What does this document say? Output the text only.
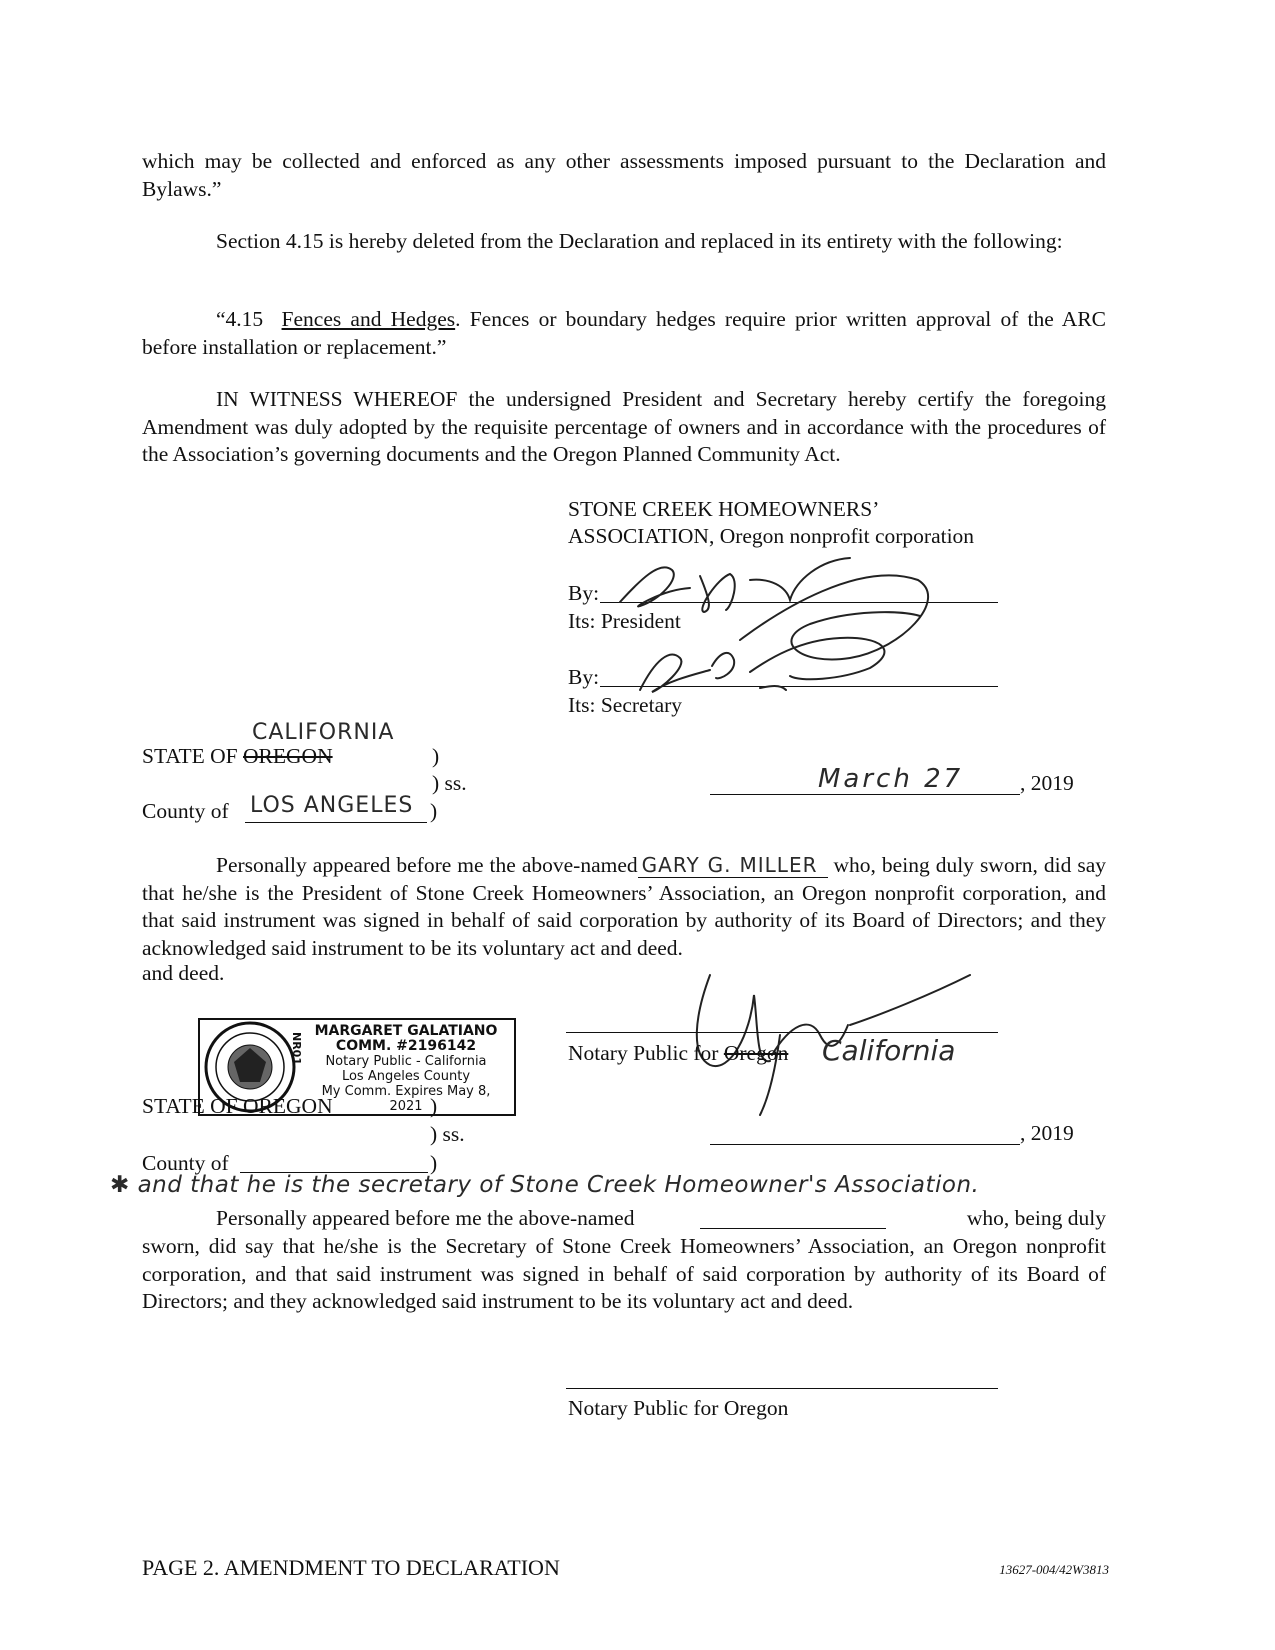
which may be collected and enforced as any other assessments imposed pursuant to the Declaration and Bylaws.”
Section 4.15 is hereby deleted from the Declaration and replaced in its entirety with the following:
“4.15 Fences and Hedges. Fences or boundary hedges require prior written approval of the ARC before installation or replacement.”
IN WITNESS WHEREOF the undersigned President and Secretary hereby certify the foregoing Amendment was duly adopted by the requisite percentage of owners and in accordance with the procedures of the Association’s governing documents and the Oregon Planned Community Act.
STONE CREEK HOMEOWNERS’
ASSOCIATION, Oregon nonprofit corporation
By:
Its: President
By:
Its: Secretary
CALIFORNIA
STATE OF OREGON	)
) ss.
County of LOS ANGELES )
March 27	, 2019
Personally appeared before me the above-named GARY G. MILLER who, being duly sworn, did say that he/she is the President of Stone Creek Homeowners’ Association, an Oregon nonprofit corporation, and that said instrument was signed in behalf of said corporation by authority of its Board of Directors; and they acknowledged said instrument to be its voluntary act and deed.
MARGARET GALATIANO
COMM. #2196142
Notary Public - California
Los Angeles County
My Comm. Expires May 8, 2021
NR01
and deed.
Notary Public for Oregon California
STATE OF OREGON	)
) ss.	, 2019
County of	)
✱ and that he is the secretary of Stone Creek Homeowner's Association.
Personally appeared before me the above-named	who, being duly
sworn, did say that he/she is the Secretary of Stone Creek Homeowners’ Association, an Oregon nonprofit corporation, and that said instrument was signed in behalf of said corporation by authority of its Board of Directors; and they acknowledged said instrument to be its voluntary act and deed.
Notary Public for Oregon
PAGE 2. AMENDMENT TO DECLARATION	13627-004/42W3813
